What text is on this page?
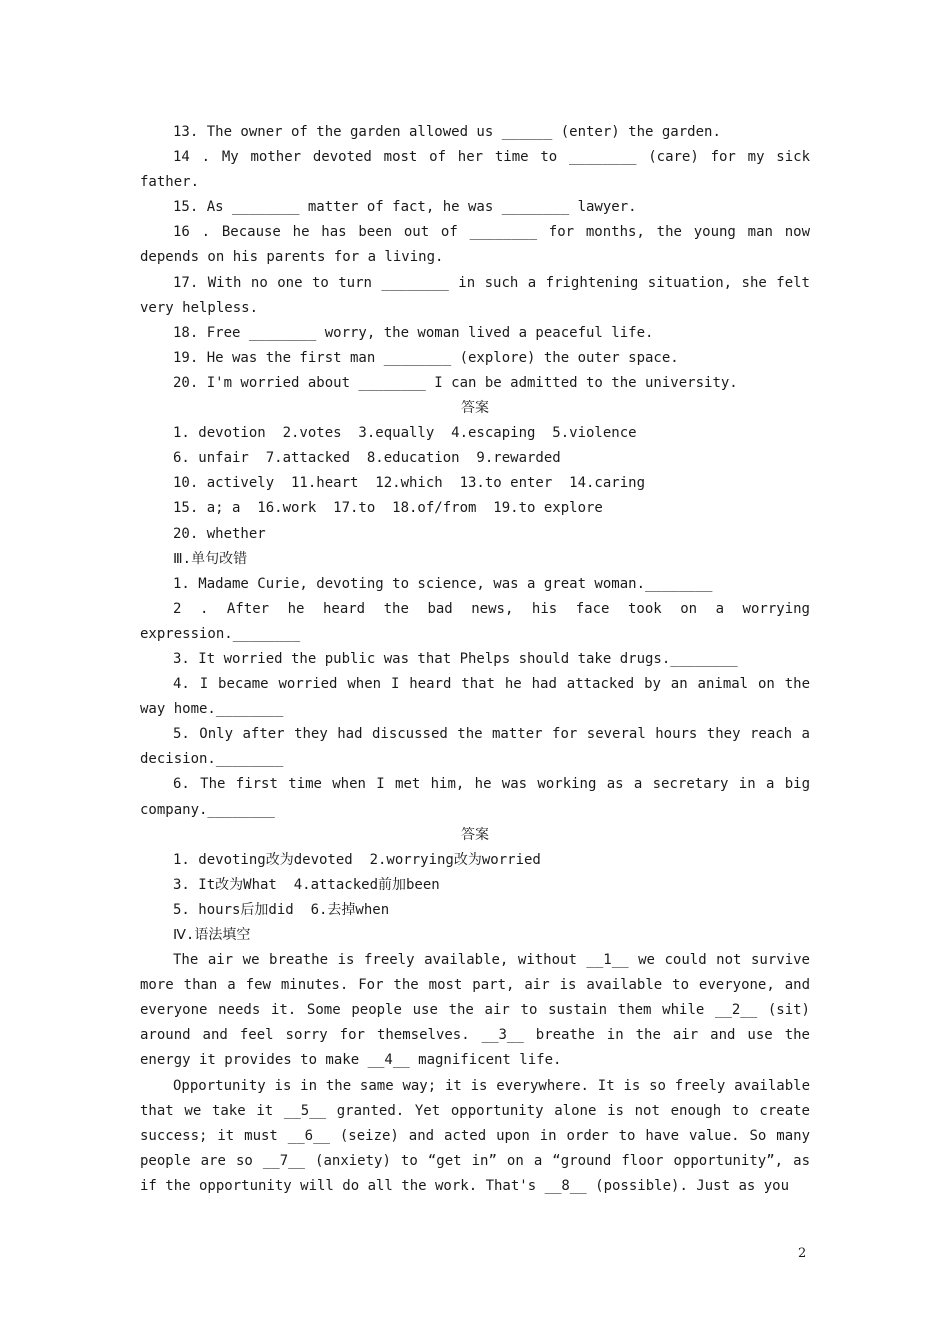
13. The owner of the garden allowed us ______ (enter) the garden.

14 . My mother devoted most of her time to ________ (care) for my sick father.

15. As ________ matter of fact, he was ________ lawyer.

16 . Because he has been out of ________ for months, the young man now depends on his parents for a living.

17. With no one to turn ________ in such a frightening situation, she felt very helpless.

18. Free ________ worry, the woman lived a peaceful life.

19. He was the first man ________ (explore) the outer space.

20. I'm worried about ________ I can be admitted to the university.

答案

1. devotion  2.votes  3.equally  4.escaping  5.violence

6. unfair  7.attacked  8.education  9.rewarded

10. actively  11.heart  12.which  13.to enter  14.caring

15. a; a  16.work  17.to  18.of/from  19.to explore

20. whether

Ⅲ.单句改错

1. Madame Curie, devoting to science, was a great woman.________

2 . After he heard the bad news, his face took on a worrying expression.________

3. It worried the public was that Phelps should take drugs.________

4. I became worried when I heard that he had attacked by an animal on the way home.________

5. Only after they had discussed the matter for several hours they reach a decision.________

6. The first time when I met him, he was working as a secretary in a big company.________

答案

1. devoting改为devoted  2.worrying改为worried

3. It改为What  4.attacked前加been

5. hours后加did  6.去掉when

Ⅳ.语法填空

The air we breathe is freely available, without __1__ we could not survive more than a few minutes. For the most part, air is available to everyone, and everyone needs it. Some people use the air to sustain them while __2__ (sit) around and feel sorry for themselves. __3__ breathe in the air and use the energy it provides to make __4__ magnificent life.

Opportunity is in the same way; it is everywhere. It is so freely available that we take it __5__ granted. Yet opportunity alone is not enough to create success; it must __6__ (seize) and acted upon in order to have value. So many people are so __7__ (anxiety) to “get in” on a “ground floor opportunity”, as if the opportunity will do all the work. That's __8__ (possible). Just as you

2
